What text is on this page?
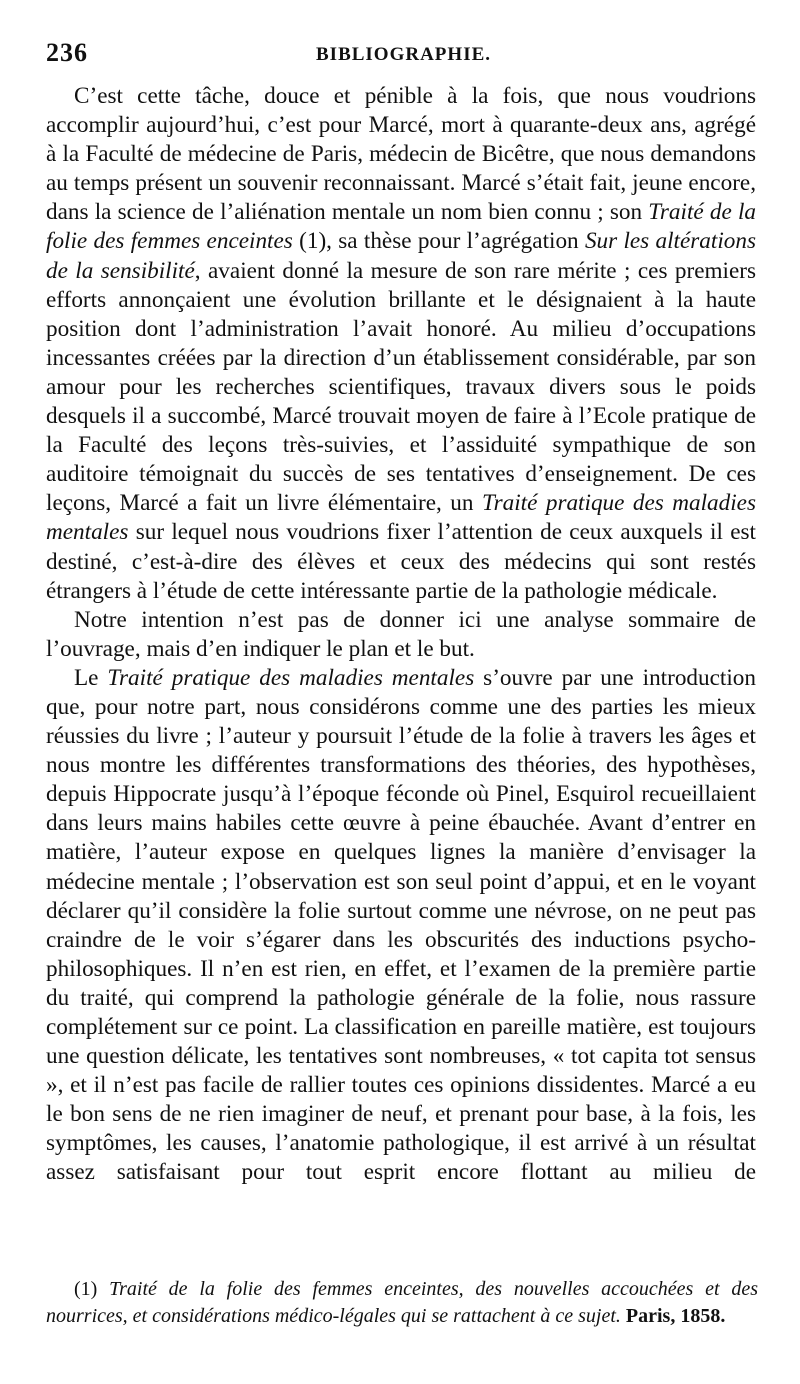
236	BIBLIOGRAPHIE.

C’est cette tâche, douce et pénible à la fois, que nous voudrions accomplir aujourd’hui, c’est pour Marcé, mort à quarante-deux ans, agrégé à la Faculté de médecine de Paris, médecin de Bicêtre, que nous demandons au temps présent un souvenir reconnaissant. Marcé s’était fait, jeune encore, dans la science de l’aliénation mentale un nom bien connu ; son Traité de la folie des femmes enceintes (1), sa thèse pour l’agrégation Sur les altérations de la sensibilité, avaient donné la mesure de son rare mérite ; ces premiers efforts annonçaient une évolution brillante et le désignaient à la haute position dont l’administration l’avait honoré. Au milieu d’occupations incessantes créées par la direction d’un établissement considérable, par son amour pour les recherches scientifiques, travaux divers sous le poids desquels il a succombé, Marcé trouvait moyen de faire à l’Ecole pratique de la Faculté des leçons très-suivies, et l’assiduité sympathique de son auditoire témoignait du succès de ses tentatives d’enseignement. De ces leçons, Marcé a fait un livre élémentaire, un Traité pratique des maladies mentales sur lequel nous voudrions fixer l’attention de ceux auxquels il est destiné, c’est-à-dire des élèves et ceux des médecins qui sont restés étrangers à l’étude de cette intéressante partie de la pathologie médicale.

Notre intention n’est pas de donner ici une analyse sommaire de l’ouvrage, mais d’en indiquer le plan et le but.

Le Traité pratique des maladies mentales s’ouvre par une introduction que, pour notre part, nous considérons comme une des parties les mieux réussies du livre ; l’auteur y poursuit l’étude de la folie à travers les âges et nous montre les différentes transformations des théories, des hypothèses, depuis Hippocrate jusqu’à l’époque féconde où Pinel, Esquirol recueillaient dans leurs mains habiles cette œuvre à peine ébauchée. Avant d’entrer en matière, l’auteur expose en quelques lignes la manière d’envisager la médecine mentale ; l’observation est son seul point d’appui, et en le voyant déclarer qu’il considère la folie surtout comme une névrose, on ne peut pas craindre de le voir s’égarer dans les obscurités des inductions psycho-philosophiques. Il n’en est rien, en effet, et l’examen de la première partie du traité, qui comprend la pathologie générale de la folie, nous rassure complétement sur ce point. La classification en pareille matière, est toujours une question délicate, les tentatives sont nombreuses, « tot capita tot sensus », et il n’est pas facile de rallier toutes ces opinions dissidentes. Marcé a eu le bon sens de ne rien imaginer de neuf, et prenant pour base, à la fois, les symptômes, les causes, l’anatomie pathologique, il est arrivé à un résultat assez satisfaisant pour tout esprit encore flottant au milieu de

(1) Traité de la folie des femmes enceintes, des nouvelles accouchées et des nourrices, et considérations médico-légales qui se rattachent à ce sujet. Paris, 1858.
